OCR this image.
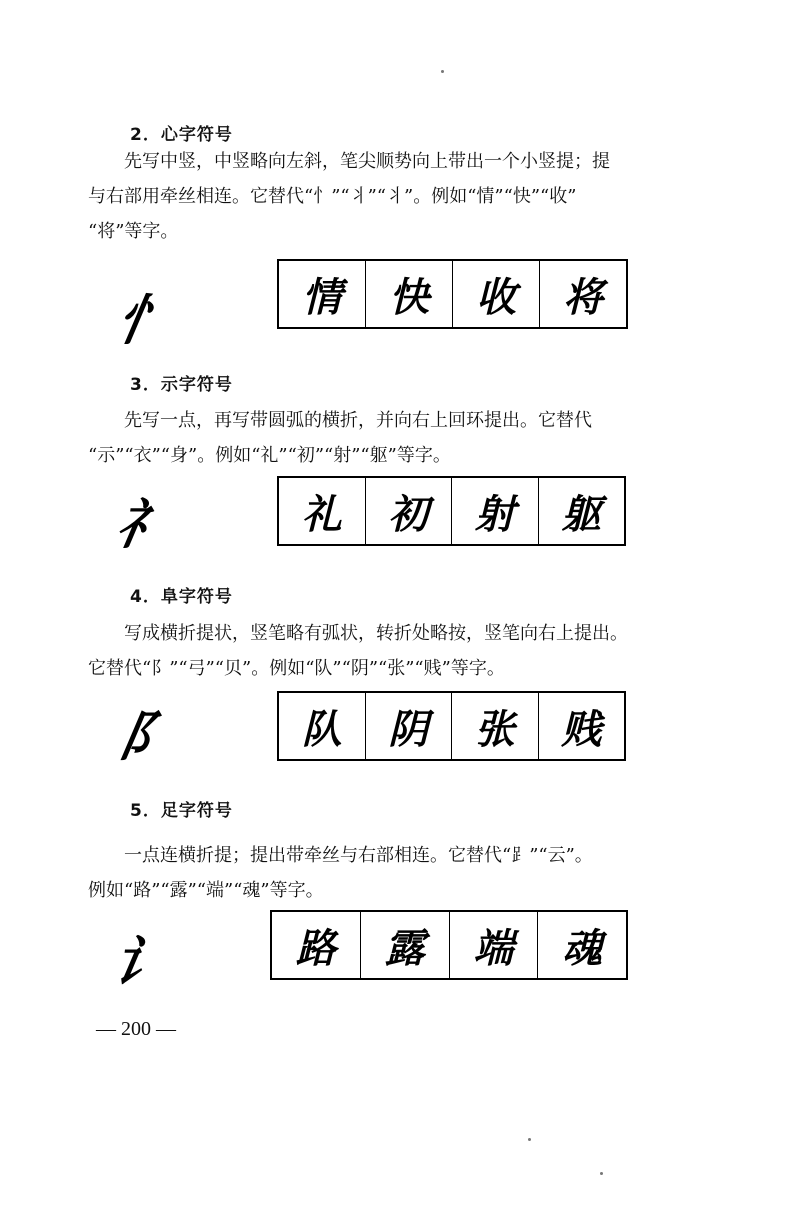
2．心字符号
先写中竖，中竖略向左斜，笔尖顺势向上带出一个小竖提；提
与右部用牵丝相连。它替代“忄”“丬”“丬”。例如“情”“快”“收”
“将”等字。
忄	情	快	收	将
3．示字符号
先写一点，再写带圆弧的横折，并向右上回环提出。它替代
“示”“衣”“身”。例如“礼”“初”“射”“躯”等字。
礻	礼	初	射	躯
4．阜字符号
写成横折提状，竖笔略有弧状，转折处略按，竖笔向右上提出。
它替代“阝”“弓”“贝”。例如“队”“阴”“张”“贱”等字。
阝	队	阴	张	贱
5．足字符号
一点连横折提；提出带牵丝与右部相连。它替代“⻊”“云”。
例如“路”“露”“端”“魂”等字。
讠	路	露	端	魂
— 200 —
